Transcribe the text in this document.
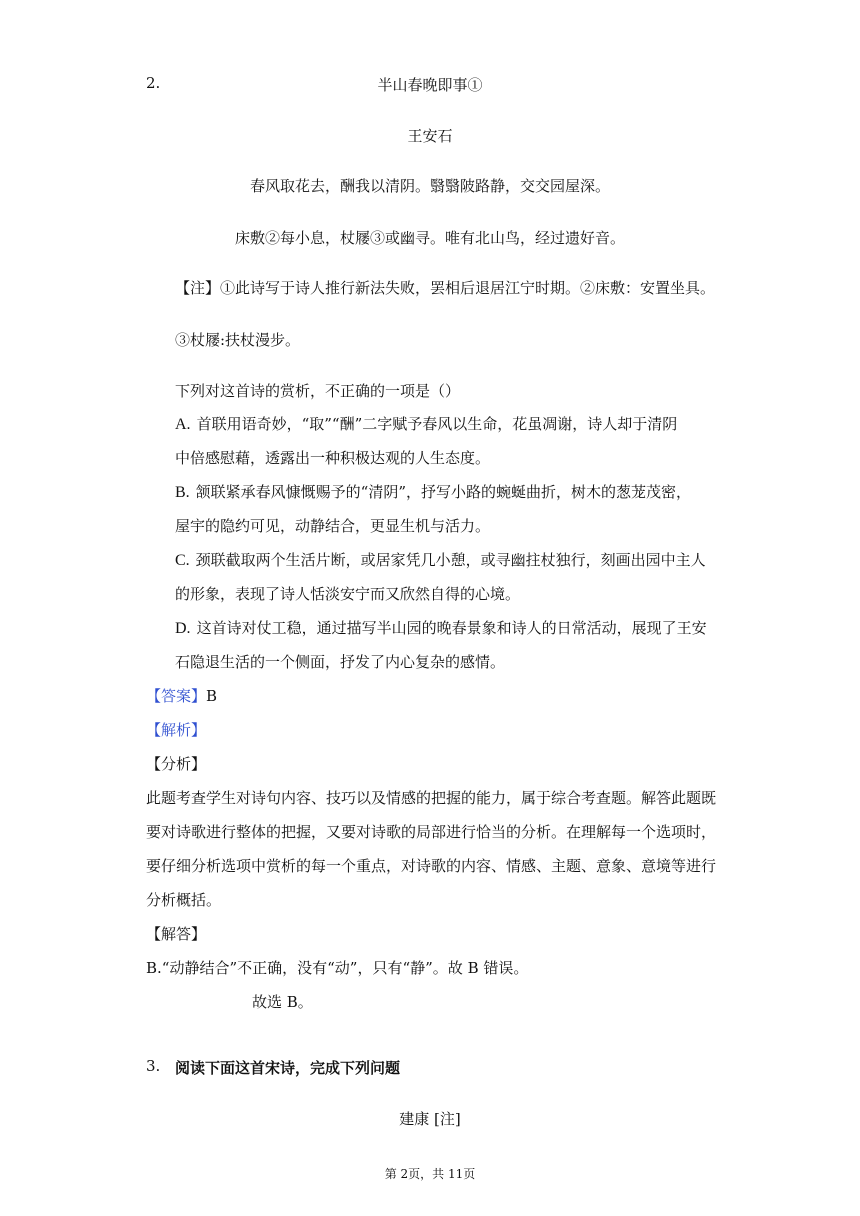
2.	半山春晚即事①
王安石
春风取花去，酬我以清阴。翳翳陂路静，交交园屋深。
床敷②每小息，杖屦③或幽寻。唯有北山鸟，经过遗好音。
【注】①此诗写于诗人推行新法失败，罢相后退居江宁时期。②床敷：安置坐具。
③杖屦:扶杖漫步。
下列对这首诗的赏析，不正确的一项是（）
A. 首联用语奇妙，“取”“酬”二字赋予春风以生命，花虽凋谢，诗人却于清阴
中倍感慰藉，透露出一种积极达观的人生态度。
B. 颔联紧承春风慷慨赐予的“清阴”，抒写小路的蜿蜒曲折，树木的葱茏茂密，
屋宇的隐约可见，动静结合，更显生机与活力。
C. 颈联截取两个生活片断，或居家凭几小憩，或寻幽拄杖独行，刻画出园中主人
的形象，表现了诗人恬淡安宁而又欣然自得的心境。
D. 这首诗对仗工稳，通过描写半山园的晚春景象和诗人的日常活动，展现了王安
石隐退生活的一个侧面，抒发了内心复杂的感情。
【答案】B
【解析】
【分析】
此题考查学生对诗句内容、技巧以及情感的把握的能力，属于综合考查题。解答此题既
要对诗歌进行整体的把握，又要对诗歌的局部进行恰当的分析。在理解每一个选项时，
要仔细分析选项中赏析的每一个重点，对诗歌的内容、情感、主题、意象、意境等进行
分析概括。
【解答】
B.“动静结合”不正确，没有“动”，只有“静”。故 B 错误。
故选 B。
3. 阅读下面这首宋诗，完成下列问题
建康 [注]
第 2页，共 11页
